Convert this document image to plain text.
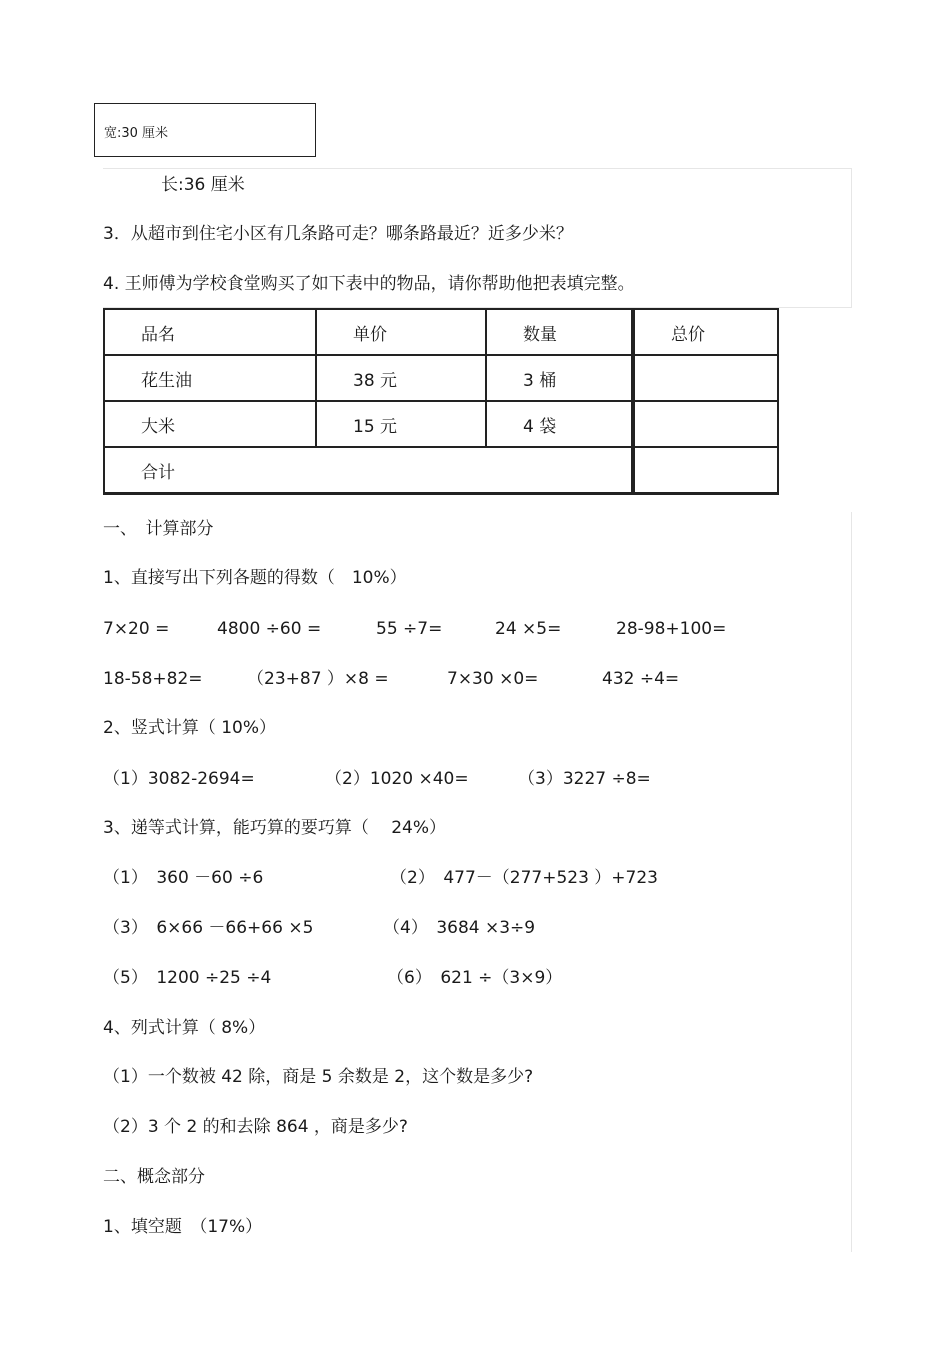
宽:30 厘米
长:36 厘米
3．从超市到住宅小区有几条路可走？哪条路最近？近多少米？
4. 王师傅为学校食堂购买了如下表中的物品，请你帮助他把表填完整。
品名	单价	数量	总价
花生油	38 元	3 桶	
大米	15 元	4 袋	
合计			
一、　计算部分
1、直接写出下列各题的得数（　10%）
7×20 =	4800 ÷60 =	55 ÷7=	24 ×5=	28-98+100=
18-58+82=	（23+87 ）×8 =	7×30 ×0=	432 ÷4=
2、竖式计算（ 10%）
（1）3082-2694=	（2）1020 ×40=	（3）3227 ÷8=
3、递等式计算，能巧算的要巧算（　 24%）
（1）　360 －60 ÷6	（2）　477－（277+523 ）+723
（3）　6×66 －66+66 ×5	（4）　3684 ×3÷9
（5）　1200 ÷25 ÷4	（6）　621 ÷（3×9）
4、列式计算（ 8%）
（1）一个数被 42 除，商是 5 余数是 2，这个数是多少?
（2）3 个 2 的和去除 864 ，商是多少?
二、概念部分
1、填空题　（17%）
